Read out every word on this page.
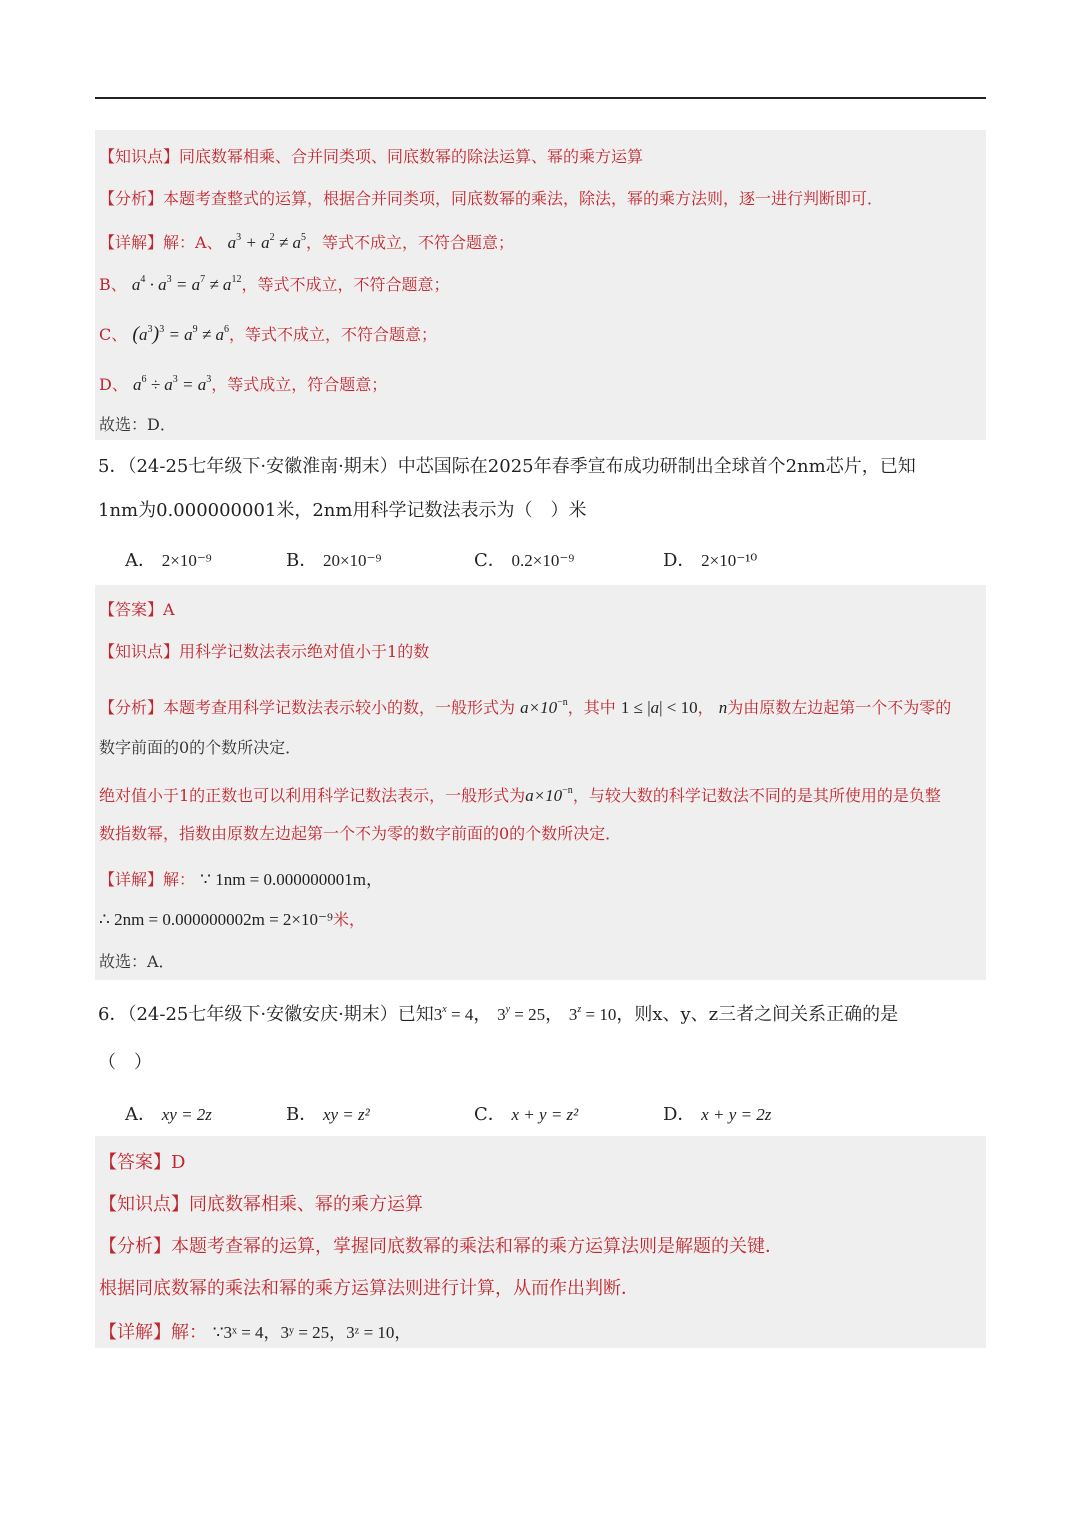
【知识点】同底数幂相乘、合并同类项、同底数幂的除法运算、幂的乘方运算
【分析】本题考查整式的运算，根据合并同类项，同底数幂的乘法，除法，幂的乘方法则，逐一进行判断即可．
【详解】解：A、 $a^3 + a^2 \ne a^5$，等式不成立，不符合题意；
B、 $a^4 \cdot a^3 = a^7 \ne a^{12}$，等式不成立，不符合题意；
C、 $(a^3)^3 = a^9 \ne a^6$，等式不成立，不符合题意；
D、 $a^6 \div a^3 = a^3$，等式成立，符合题意；
故选：D．
5．（24-25七年级下·安徽淮南·期末）中芯国际在2025年春季宣布成功研制出全球首个2nm芯片，已知
1nm为0.000000001米，2nm用科学记数法表示为（　）米
A． 2×10⁻⁹	B． 20×10⁻⁹	C． 0.2×10⁻⁹	D． 2×10⁻¹⁰
【答案】A
【知识点】用科学记数法表示绝对值小于1的数
【分析】本题考查用科学记数法表示较小的数，一般形式为 $a\times 10^{-n}$，其中 1 ≤ |a| < 10， n为由原数左边起第一个不为零的
数字前面的0的个数所决定．
绝对值小于1的正数也可以利用科学记数法表示，一般形式为$a\times 10^{-n}$，与较大数的科学记数法不同的是其所使用的是负整
数指数幂，指数由原数左边起第一个不为零的数字前面的0的个数所决定．
【详解】解： ∵ 1nm = 0.000000001m，
∴ 2nm = 0.000000002m = 2×10⁻⁹米，
故选：A．
6．（24-25七年级下·安徽安庆·期末）已知$3^x = 4$， $3^y = 25$， $3^z = 10$，则x、y、z三者之间关系正确的是
（　）
A． xy = 2z	B． xy = z²	C． x + y = z²	D． x + y = 2z
【答案】D
【知识点】同底数幂相乘、幂的乘方运算
【分析】本题考查幂的运算，掌握同底数幂的乘法和幂的乘方运算法则是解题的关键．
根据同底数幂的乘法和幂的乘方运算法则进行计算，从而作出判断．
【详解】解： ∵3ˣ = 4，3ʸ = 25，3ᶻ = 10，
